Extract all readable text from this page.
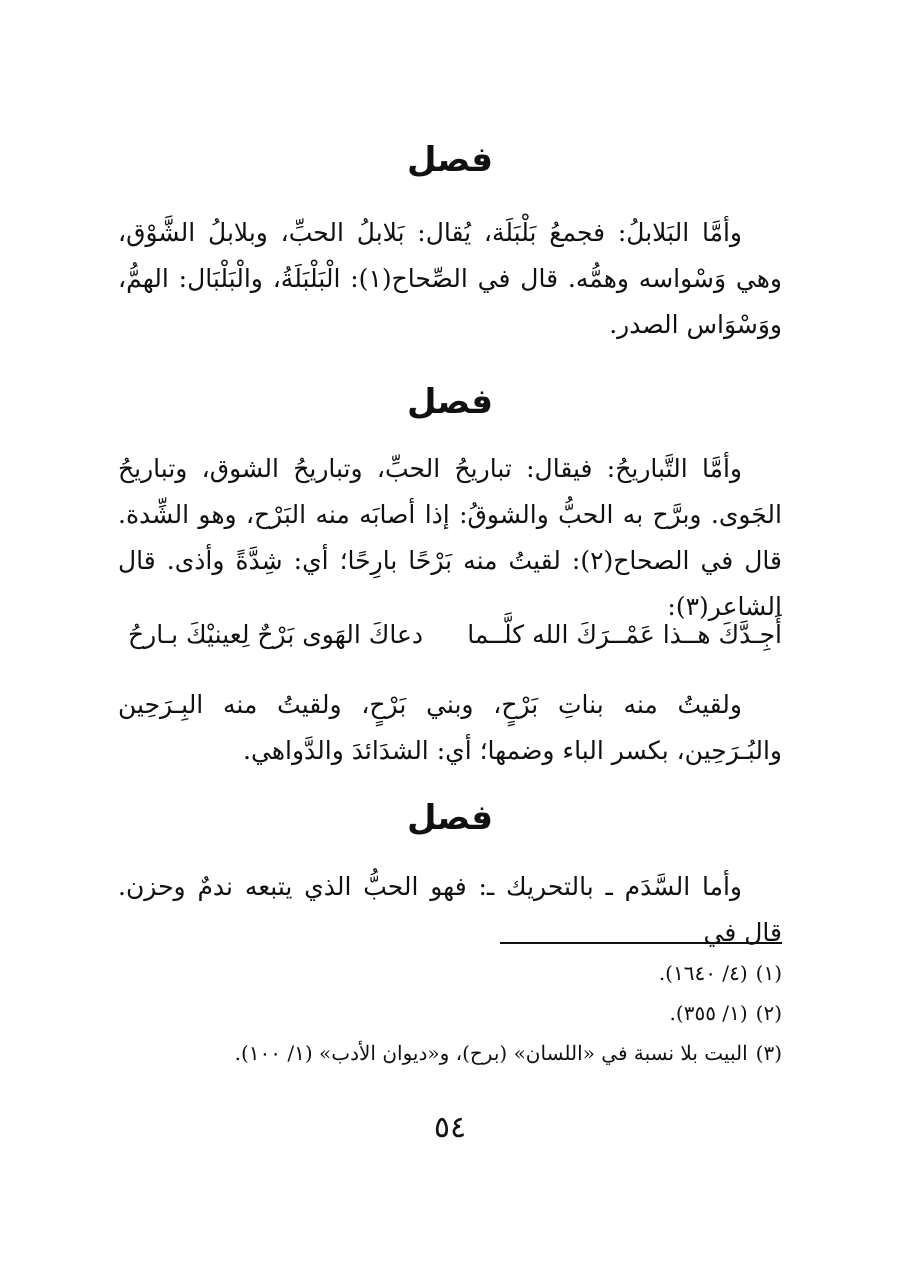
فصل
وأمَّا البَلابلُ: فجمعُ بَلْبَلَة، يُقال: بَلابلُ الحبِّ، وبلابلُ الشَّوْق، وهي وَسْواسه وهمُّه. قال في الصِّحاح(١): الْبَلْبَلَةُ، والْبَلْبَال: الهمُّ، ووَسْوَاس الصدر.
فصل
وأمَّا التَّباريحُ: فيقال: تباريحُ الحبِّ، وتباريحُ الشوق، وتباريحُ الجَوى. وبرَّح به الحبُّ والشوقُ: إذا أصابَه منه البَرْح، وهو الشِّدة. قال في الصحاح(٢): لقيتُ منه بَرْحًا بارِحًا؛ أي: شِدَّةً وأذى. قال الشاعر(٣):
أَجِـدَّكَ هــذا عَمْــرَكَ الله كلَّــما
دعاكَ الهَوى بَرْحٌ لِعينيْكَ بـارحُ
ولقيتُ منه بناتِ بَرْحٍ، وبني بَرْحٍ، ولقيتُ منه البِـرَحِين والبُـرَحِين، بكسر الباء وضمها؛ أي: الشدَائدَ والدَّواهي.
فصل
وأما السَّدَم ـ بالتحريك ـ: فهو الحبُّ الذي يتبعه ندمٌ وحزن. قال في
(١)(٤/ ١٦٤٠).
(٢)(١/ ٣٥٥).
(٣)البيت بلا نسبة في «اللسان» (برح)، و«ديوان الأدب» (١/ ١٠٠).
٥٤
